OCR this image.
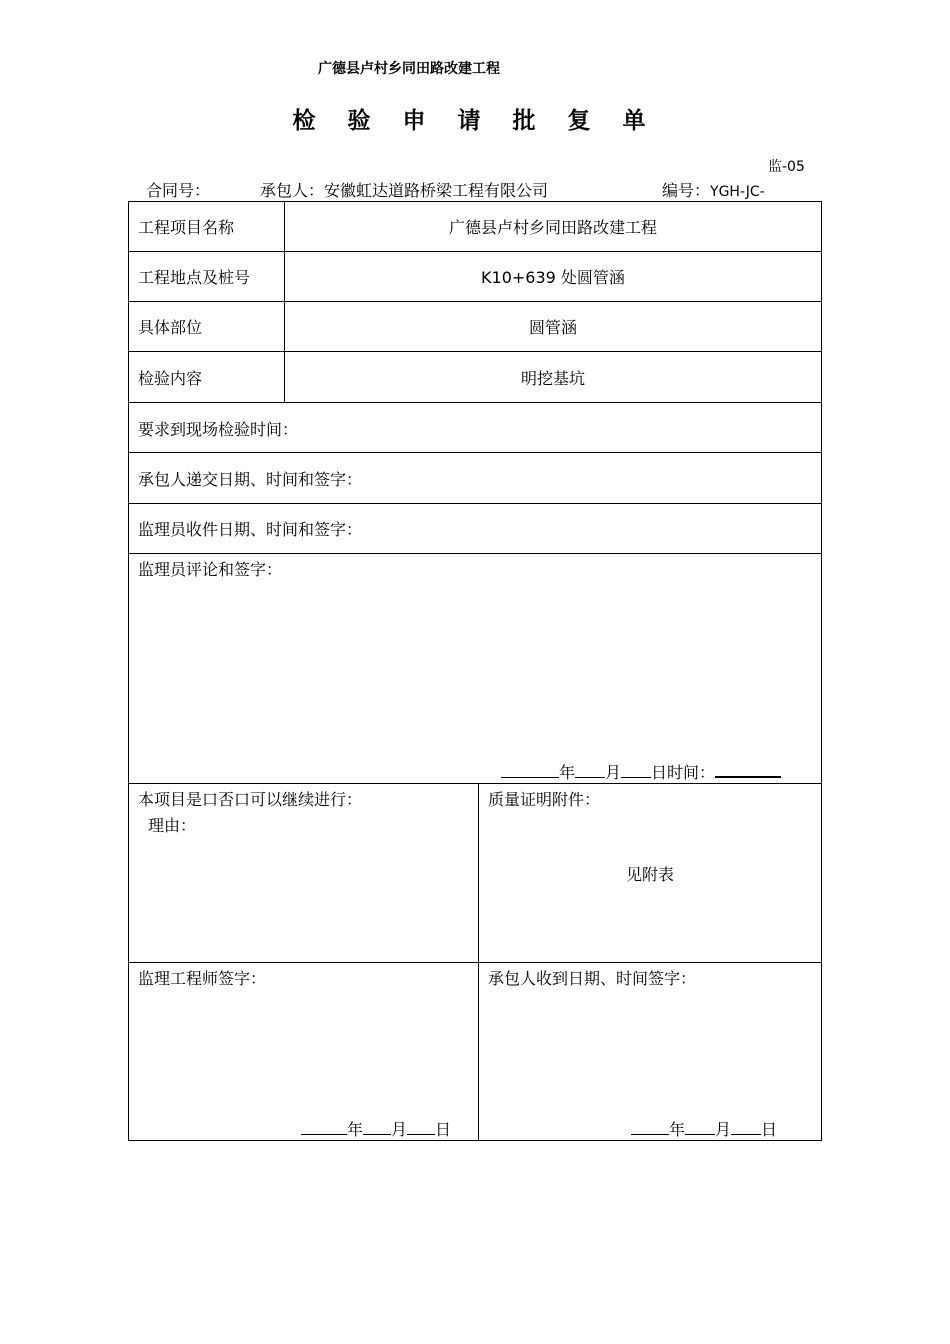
广德县卢村乡同田路改建工程
检 验 申 请 批 复 单
监-05
合同号：	承包人：安徽虹达道路桥梁工程有限公司	编号：YGH-JC-
工程项目名称	广德县卢村乡同田路改建工程
工程地点及桩号	K10+639 处圆管涵
具体部位	圆管涵
检验内容	明挖基坑
要求到现场检验时间：
承包人递交日期、时间和签字：
监理员收件日期、时间和签字：
监理员评论和签字：
年 月 日时间：
本项目是口否口可以继续进行：
理由：
质量证明附件：
见附表
监理工程师签字：	承包人收到日期、时间签字：
年 月 日	年 月 日
